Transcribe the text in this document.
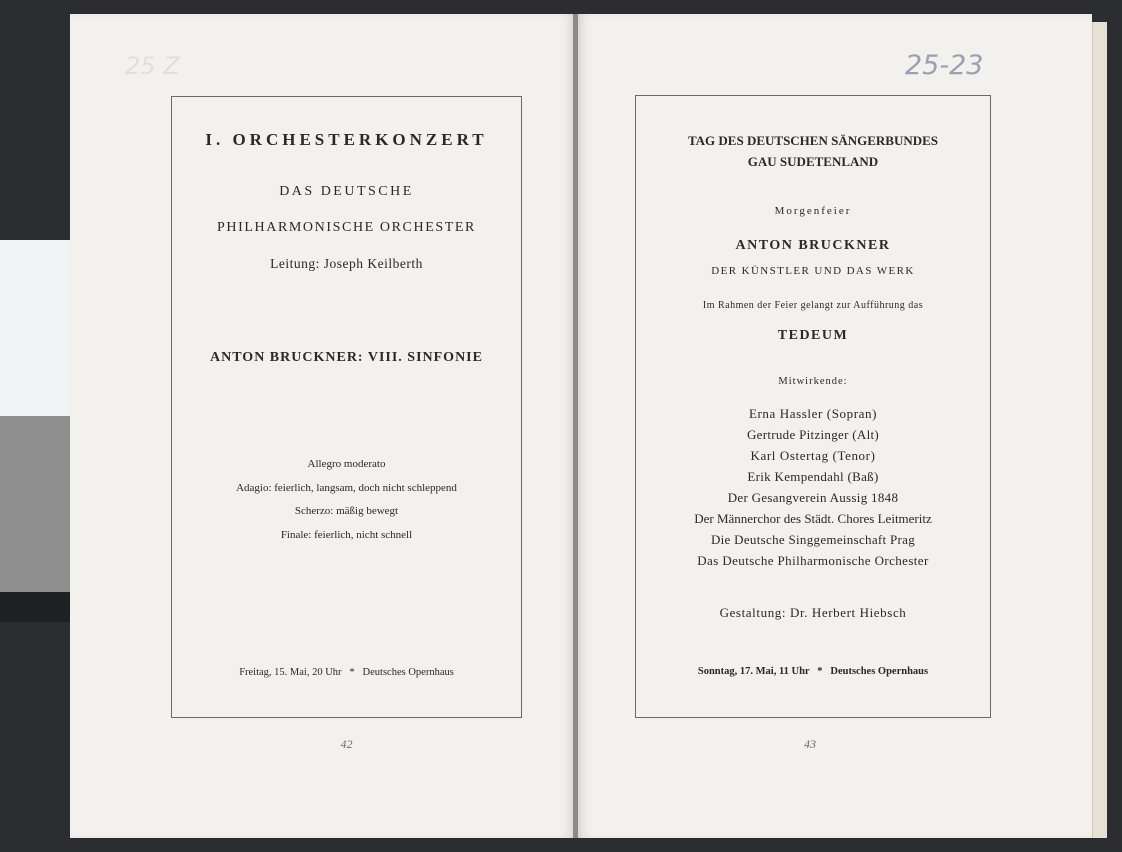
25 Z
I. ORCHESTERKONZERT
DAS DEUTSCHE
PHILHARMONISCHE ORCHESTER
Leitung: Joseph Keilberth
ANTON BRUCKNER: VIII. SINFONIE
Allegro moderato
Adagio: feierlich, langsam, doch nicht schleppend
Scherzo: mäßig bewegt
Finale: feierlich, nicht schnell
Freitag, 15. Mai, 20 Uhr   *   Deutsches Opernhaus
42
25-23
TAG DES DEUTSCHEN SÄNGERBUNDES
GAU SUDETENLAND
Morgenfeier
ANTON BRUCKNER
DER KÜNSTLER UND DAS WERK
Im Rahmen der Feier gelangt zur Aufführung das
TEDEUM
Mitwirkende:
Erna Hassler (Sopran)
Gertrude Pitzinger (Alt)
Karl Ostertag (Tenor)
Erik Kempendahl (Baß)
Der Gesangverein Aussig 1848
Der Männerchor des Städt. Chores Leitmeritz
Die Deutsche Singgemeinschaft Prag
Das Deutsche Philharmonische Orchester
Gestaltung: Dr. Herbert Hiebsch
Sonntag, 17. Mai, 11 Uhr   *   Deutsches Opernhaus
43
